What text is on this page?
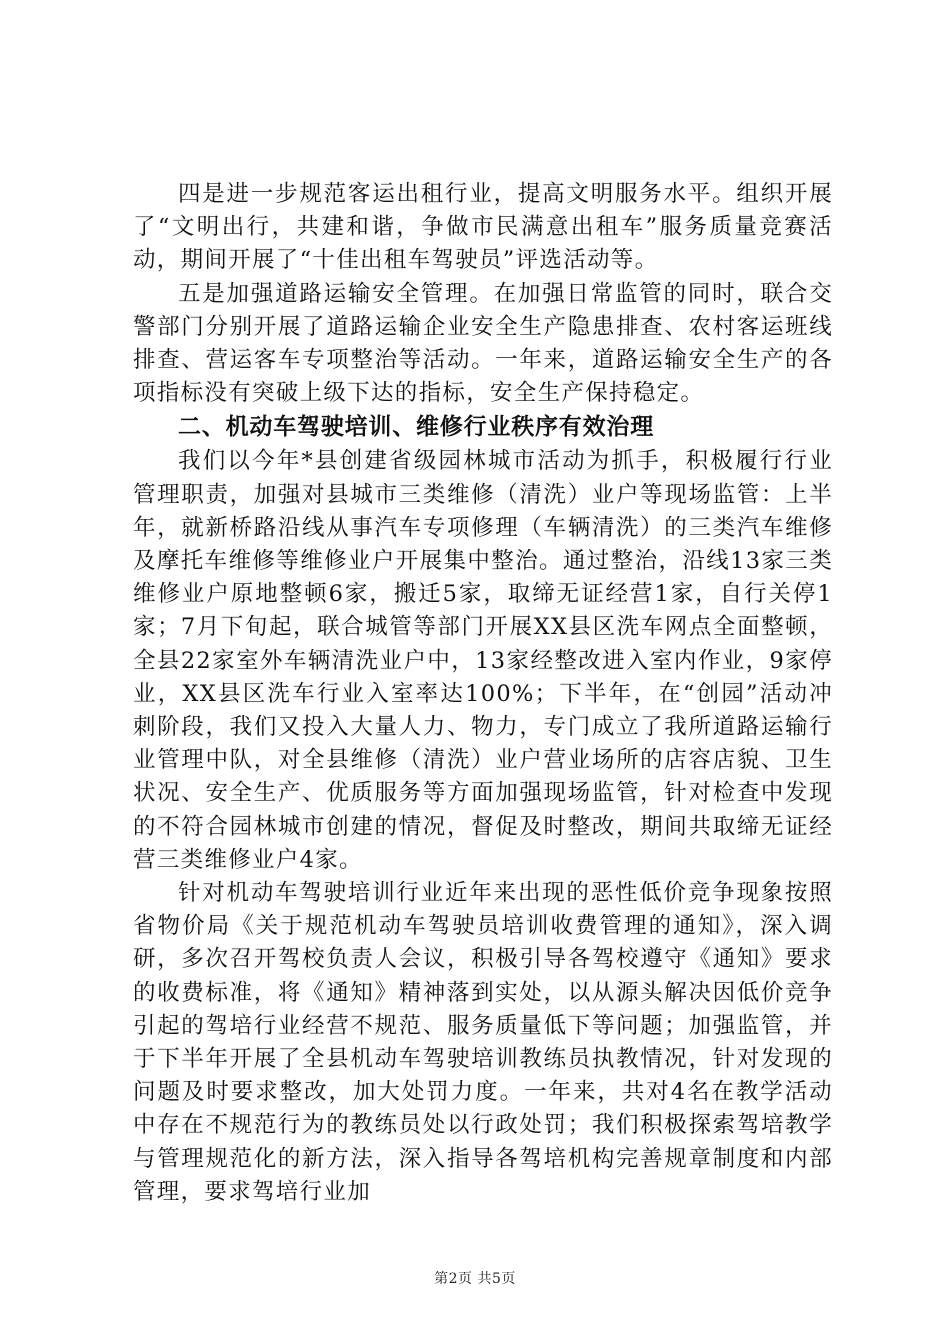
四是进一步规范客运出租行业，提高文明服务水平。组织开展了“文明出行，共建和谐，争做市民满意出租车”服务质量竞赛活动，期间开展了“十佳出租车驾驶员”评选活动等。

五是加强道路运输安全管理。在加强日常监管的同时，联合交警部门分别开展了道路运输企业安全生产隐患排查、农村客运班线排查、营运客车专项整治等活动。一年来，道路运输安全生产的各项指标没有突破上级下达的指标，安全生产保持稳定。

二、机动车驾驶培训、维修行业秩序有效治理

我们以今年*县创建省级园林城市活动为抓手，积极履行行业管理职责，加强对县城市三类维修（清洗）业户等现场监管：上半年，就新桥路沿线从事汽车专项修理（车辆清洗）的三类汽车维修及摩托车维修等维修业户开展集中整治。通过整治，沿线13家三类维修业户原地整顿6家，搬迁5家，取缔无证经营1家，自行关停1家；7月下旬起，联合城管等部门开展XX县区洗车网点全面整顿，全县22家室外车辆清洗业户中，13家经整改进入室内作业，9家停业，XX县区洗车行业入室率达100%；下半年，在“创园”活动冲刺阶段，我们又投入大量人力、物力，专门成立了我所道路运输行业管理中队，对全县维修（清洗）业户营业场所的店容店貌、卫生状况、安全生产、优质服务等方面加强现场监管，针对检查中发现的不符合园林城市创建的情况，督促及时整改，期间共取缔无证经营三类维修业户4家。

针对机动车驾驶培训行业近年来出现的恶性低价竞争现象按照省物价局《关于规范机动车驾驶员培训收费管理的通知》，深入调研，多次召开驾校负责人会议，积极引导各驾校遵守《通知》要求的收费标准，将《通知》精神落到实处，以从源头解决因低价竞争引起的驾培行业经营不规范、服务质量低下等问题；加强监管，并于下半年开展了全县机动车驾驶培训教练员执教情况，针对发现的问题及时要求整改，加大处罚力度。一年来，共对4名在教学活动中存在不规范行为的教练员处以行政处罚；我们积极探索驾培教学与管理规范化的新方法，深入指导各驾培机构完善规章制度和内部管理，要求驾培行业加

第2页 共5页
